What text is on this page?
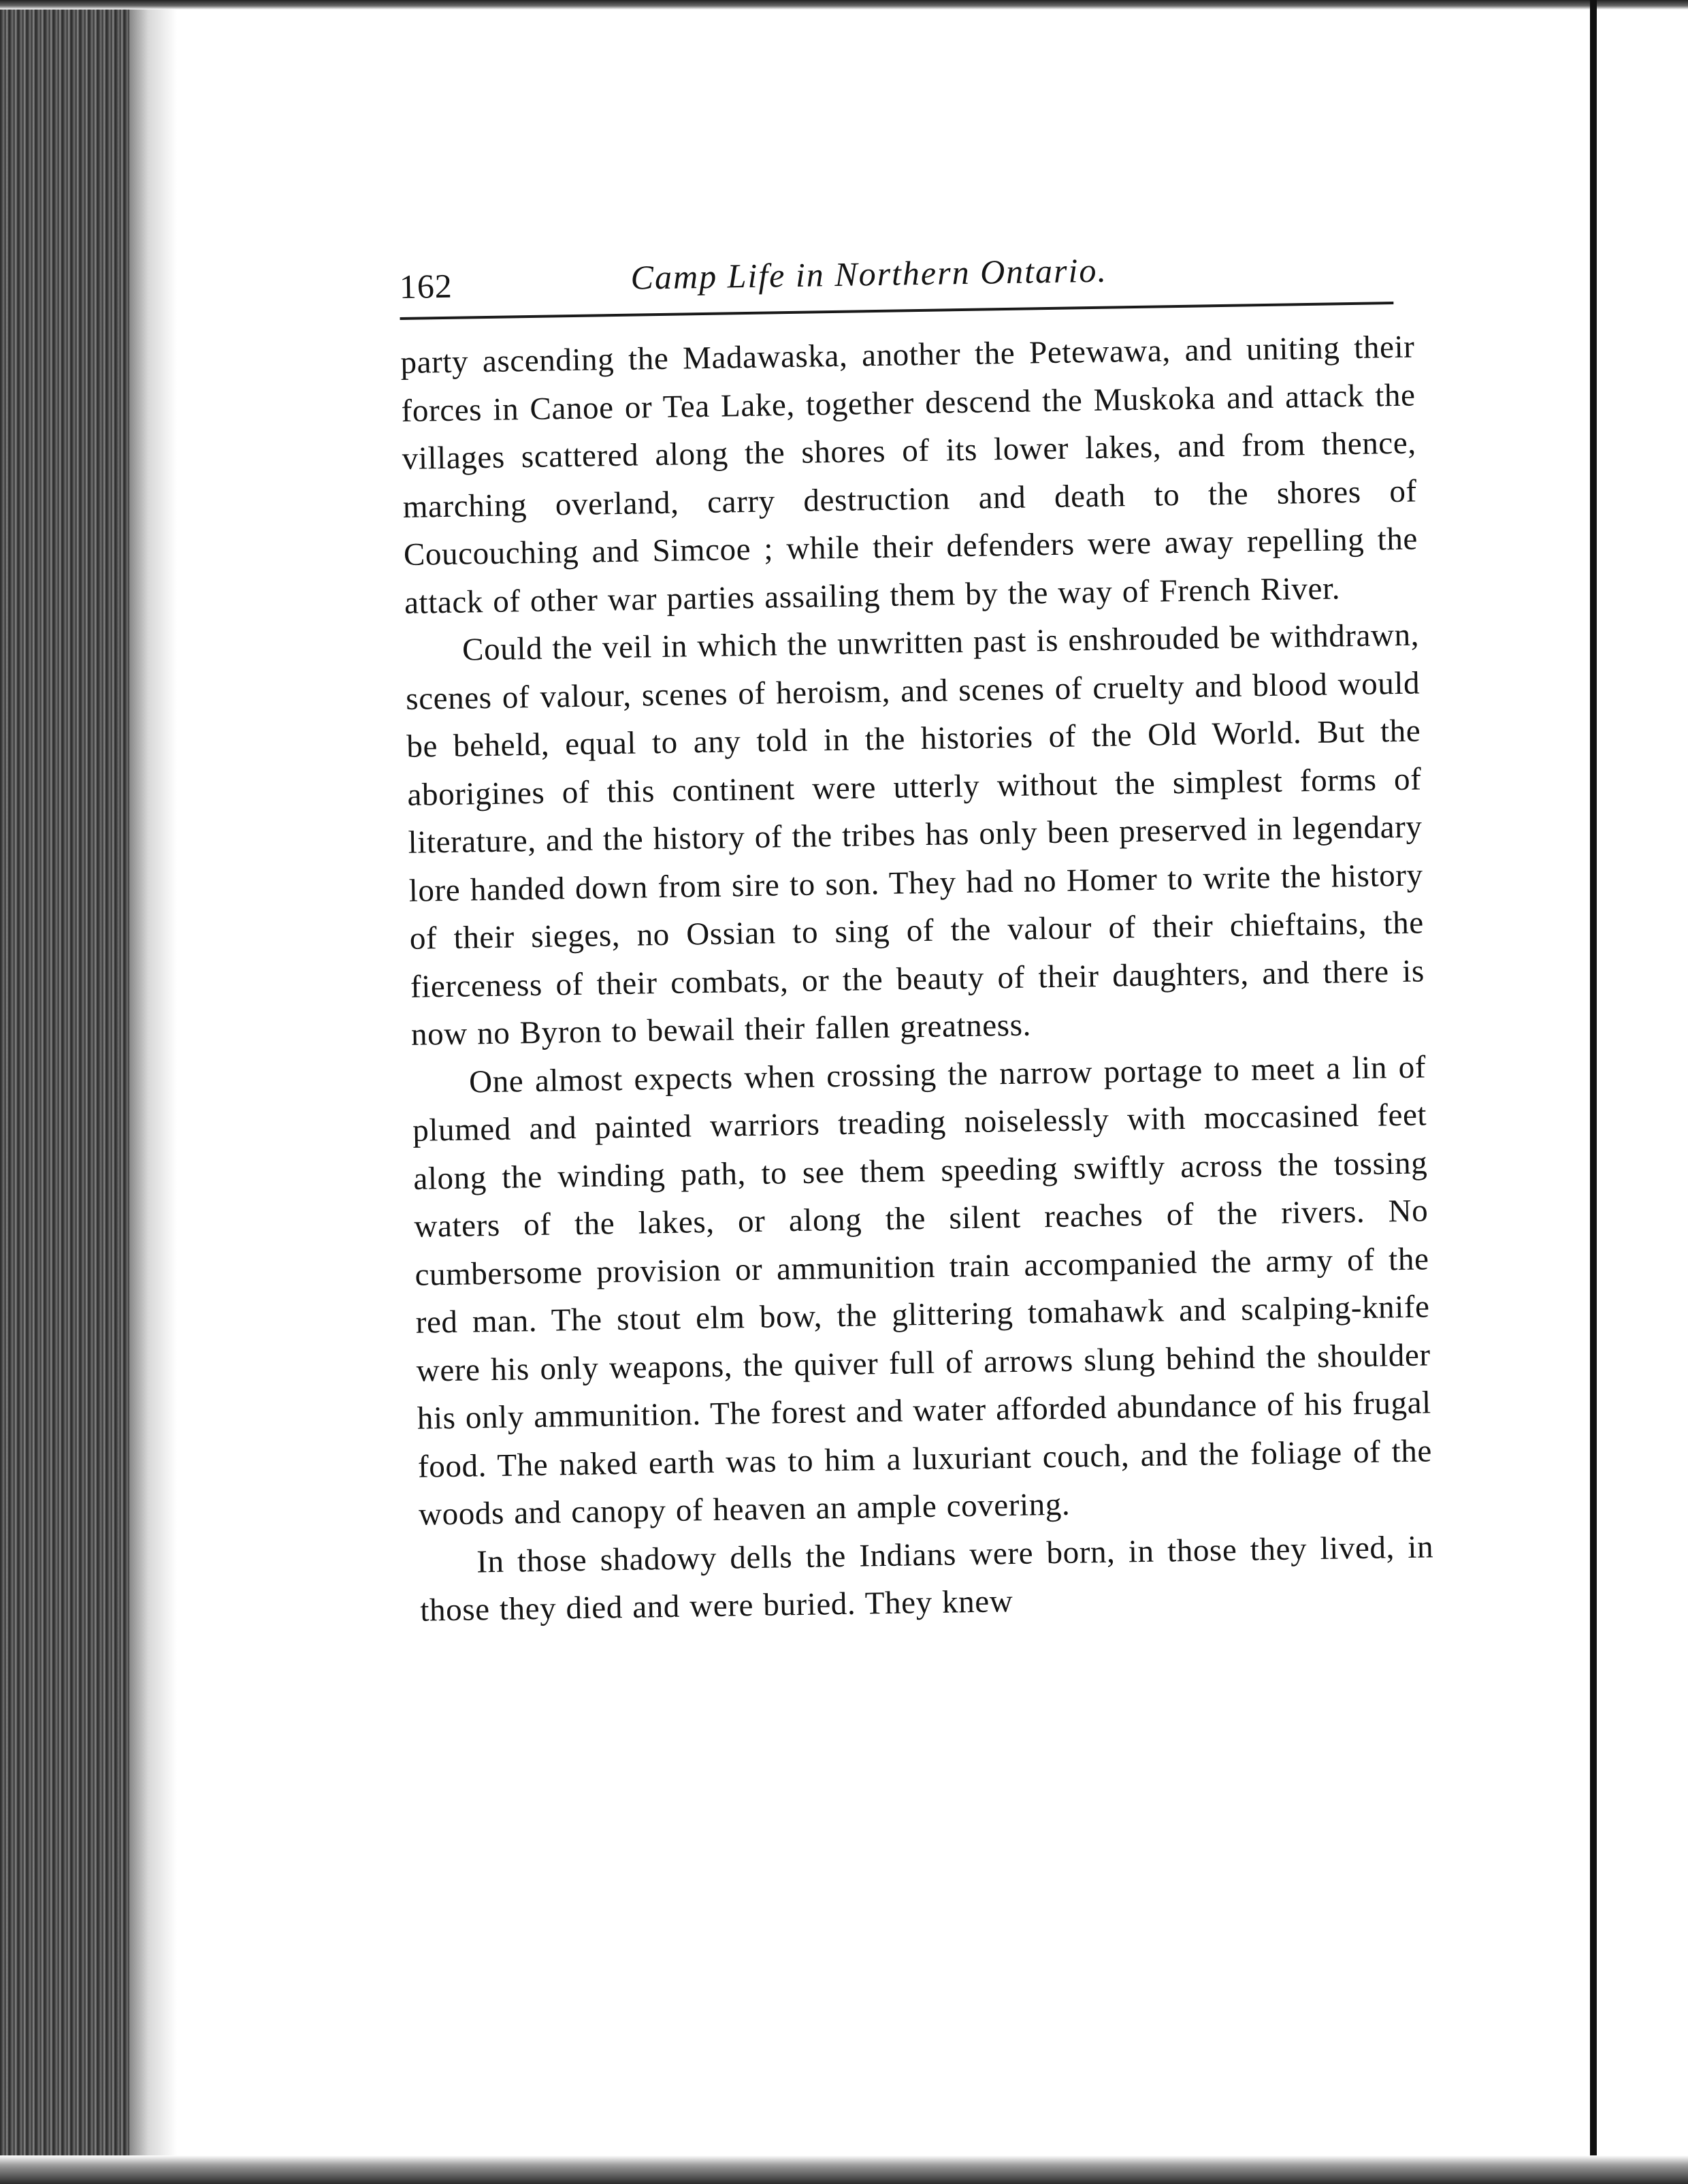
162	Camp Life in Northern Ontario.

party ascending the Madawaska, another the Petewawa, and uniting their forces in Canoe or Tea Lake, together descend the Muskoka and attack the villages scattered along the shores of its lower lakes, and from thence, marching overland, carry destruction and death to the shores of Coucouching and Simcoe ; while their defenders were away repelling the attack of other war parties assailing them by the way of French River.

Could the veil in which the unwritten past is enshrouded be withdrawn, scenes of valour, scenes of heroism, and scenes of cruelty and blood would be beheld, equal to any told in the histories of the Old World. But the aborigines of this continent were utterly without the simplest forms of literature, and the history of the tribes has only been preserved in legendary lore handed down from sire to son. They had no Homer to write the history of their sieges, no Ossian to sing of the valour of their chieftains, the fierceness of their combats, or the beauty of their daughters, and there is now no Byron to bewail their fallen greatness.

One almost expects when crossing the narrow portage to meet a lin of plumed and painted warriors treading noiselessly with moccasined feet along the winding path, to see them speeding swiftly across the tossing waters of the lakes, or along the silent reaches of the rivers. No cumbersome provision or ammunition train accompanied the army of the red man. The stout elm bow, the glittering tomahawk and scalping-knife were his only weapons, the quiver full of arrows slung behind the shoulder his only ammunition. The forest and water afforded abundance of his frugal food. The naked earth was to him a luxuriant couch, and the foliage of the woods and canopy of heaven an ample covering.

In those shadowy dells the Indians were born, in those they lived, in those they died and were buried. They knew
